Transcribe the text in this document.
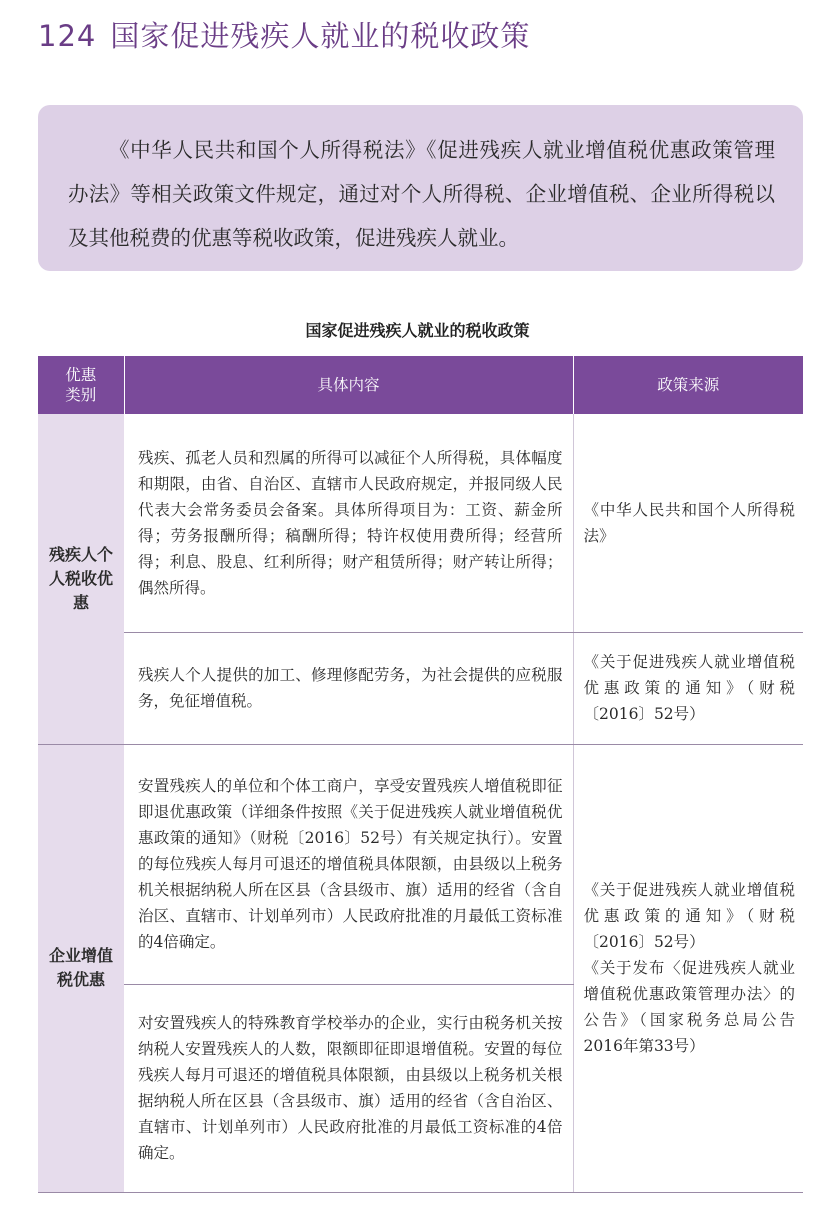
124 国家促进残疾人就业的税收政策
《中华人民共和国个人所得税法》《促进残疾人就业增值税优惠政策管理办法》等相关政策文件规定，通过对个人所得税、企业增值税、企业所得税以及其他税费的优惠等税收政策，促进残疾人就业。
国家促进残疾人就业的税收政策
优惠类别	具体内容	政策来源

残疾人个人税收优惠	残疾、孤老人员和烈属的所得可以减征个人所得税，具体幅度和期限，由省、自治区、直辖市人民政府规定，并报同级人民代表大会常务委员会备案。具体所得项目为：工资、薪金所得；劳务报酬所得；稿酬所得；特许权使用费所得；经营所得；利息、股息、红利所得；财产租赁所得；财产转让所得；偶然所得。	《中华人民共和国个人所得税法》
	残疾人个人提供的加工、修理修配劳务，为社会提供的应税服务，免征增值税。	《关于促进残疾人就业增值税优惠政策的通知》（财税〔2016〕52号）

企业增值税优惠	安置残疾人的单位和个体工商户，享受安置残疾人增值税即征即退优惠政策（详细条件按照《关于促进残疾人就业增值税优惠政策的通知》（财税〔2016〕52号）有关规定执行）。安置的每位残疾人每月可退还的增值税具体限额，由县级以上税务机关根据纳税人所在区县（含县级市、旗）适用的经省（含自治区、直辖市、计划单列市）人民政府批准的月最低工资标准的4倍确定。	《关于促进残疾人就业增值税优惠政策的通知》（财税〔2016〕52号）
《关于发布〈促进残疾人就业增值税优惠政策管理办法〉的公告》（国家税务总局公告2016年第33号）

	对安置残疾人的特殊教育学校举办的企业，实行由税务机关按纳税人安置残疾人的人数，限额即征即退增值税。安置的每位残疾人每月可退还的增值税具体限额，由县级以上税务机关根据纳税人所在区县（含县级市、旗）适用的经省（含自治区、直辖市、计划单列市）人民政府批准的月最低工资标准的4倍确定。	
